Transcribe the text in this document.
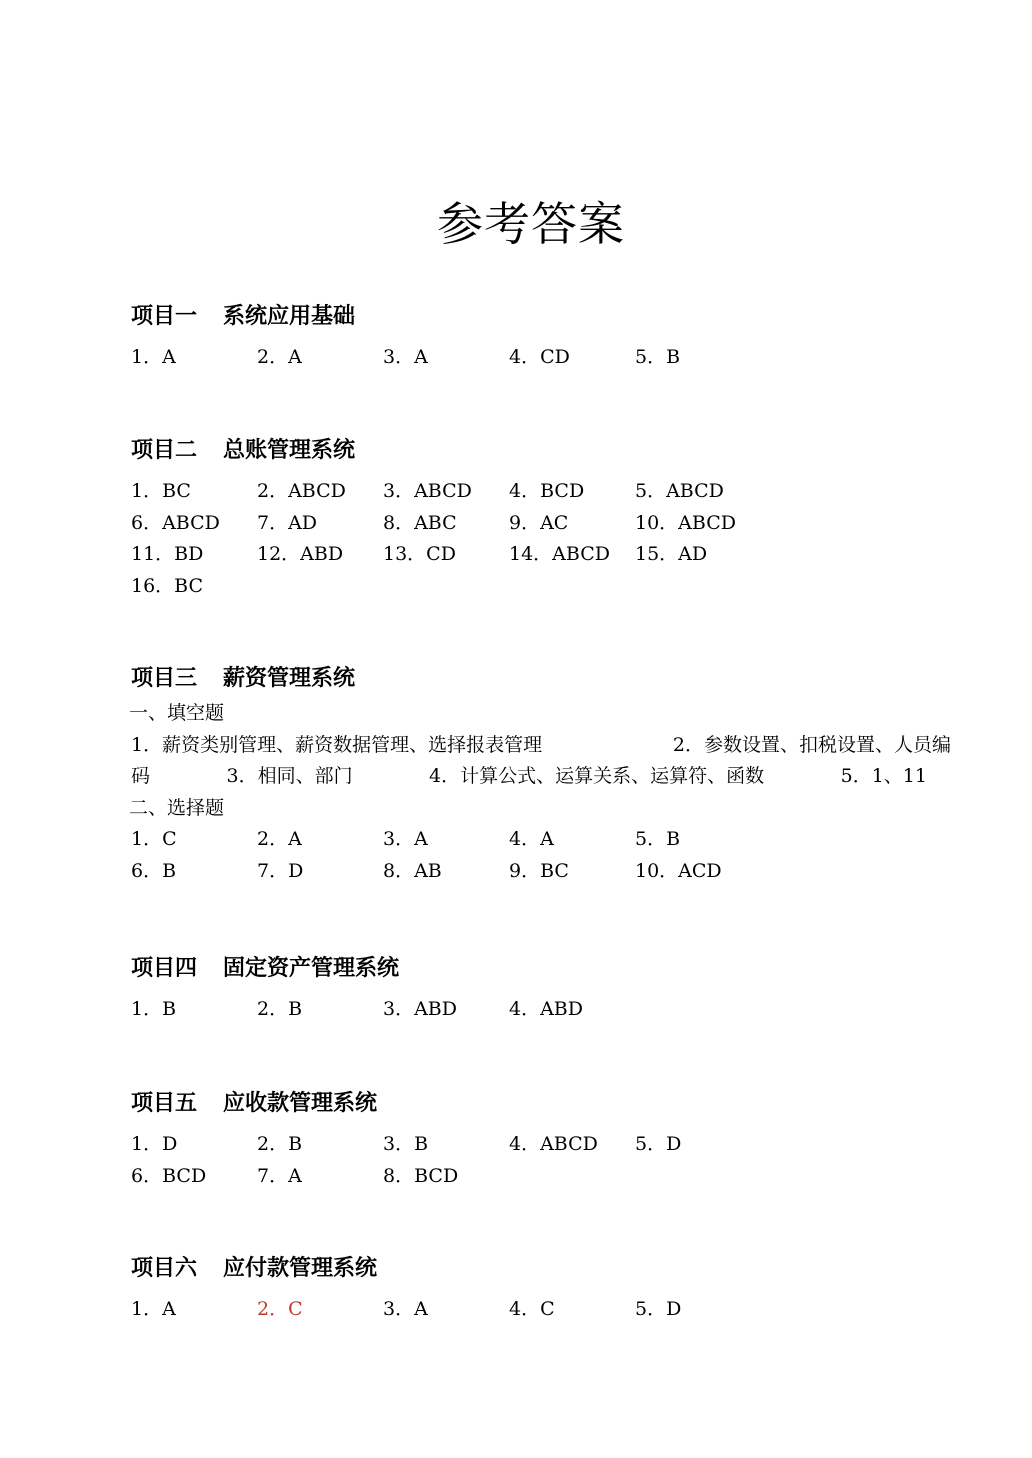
参考答案
项目一 系统应用基础
1．A	2．A	3．A	4．CD	5．B
项目二 总账管理系统
1．BC	2．ABCD 3．ABCD 4．BCD	5．ABCD
6．ABCD 7．AD	8．ABC	9．AC	10．ABCD
11．BD	12．ABD 13．CD	14．ABCD 15．AD
16．BC
项目三 薪资管理系统
一、填空题
1．薪资类别管理、薪资数据管理、选择报表管理	2．参数设置、扣税设置、人员编
码	3．相同、部门	4．计算公式、运算关系、运算符、函数	5．1、11
二、选择题
1．C	2．A	3．A	4．A	5．B
6．B	7．D	8．AB	9．BC	10．ACD
项目四 固定资产管理系统
1．B	2．B	3．ABD	4．ABD
项目五 应收款管理系统
1．D	2．B	3．B	4．ABCD 5．D
6．BCD	7．A	8．BCD
项目六 应付款管理系统
1．A	2．C	3．A	4．C	5．D
